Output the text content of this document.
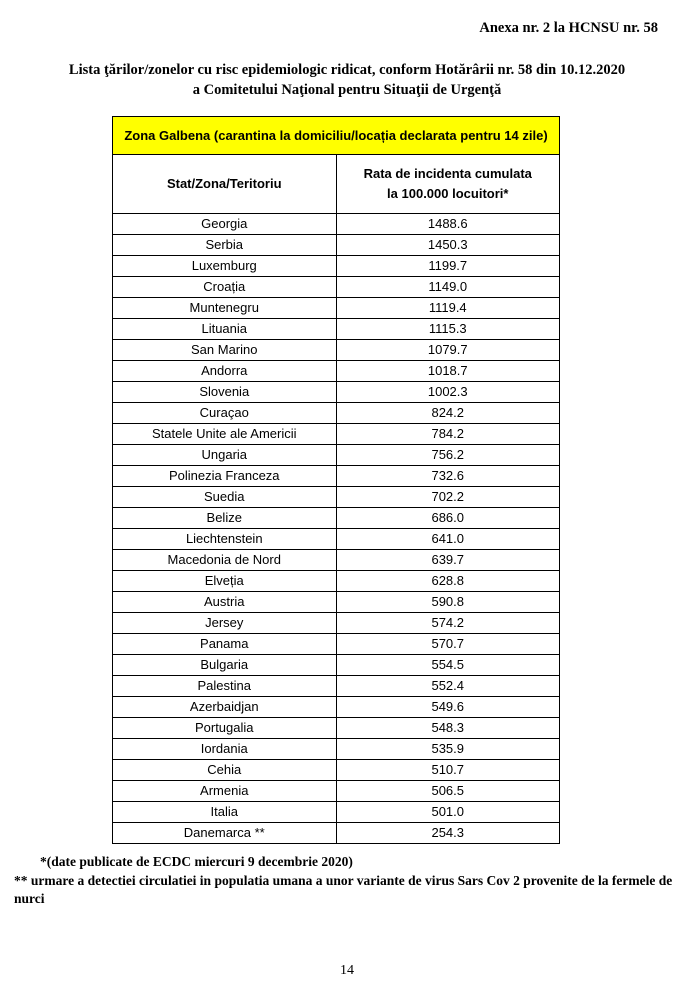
Anexa nr. 2 la HCNSU nr. 58
Lista ţărilor/zonelor cu risc epidemiologic ridicat, conform Hotărârii nr. 58 din 10.12.2020
a Comitetului Naţional pentru Situaţii de Urgenţă
Zona Galbena (carantina la domiciliu/locația declarata pentru 14 zile)	
Stat/Zona/Teritoriu	Rata de incidenta cumulata la 100.000 locuitori*

Georgia	1488.6
Serbia	1450.3
Luxemburg	1199.7
Croația	1149.0
Muntenegru	1119.4
Lituania	1115.3
San Marino	1079.7
Andorra	1018.7
Slovenia	1002.3
Curaçao	824.2
Statele Unite ale Americii	784.2
Ungaria	756.2
Polinezia Franceza	732.6
Suedia	702.2
Belize	686.0
Liechtenstein	641.0
Macedonia de Nord	639.7
Elveția	628.8
Austria	590.8
Jersey	574.2
Panama	570.7
Bulgaria	554.5
Palestina	552.4
Azerbaidjan	549.6
Portugalia	548.3
Iordania	535.9
Cehia	510.7
Armenia	506.5
Italia	501.0
Danemarca **	254.3
*(date publicate de ECDC miercuri 9 decembrie 2020)
** urmare a detectiei circulatiei in populatia umana a unor variante de virus Sars Cov 2 provenite de la fermele de nurci
14
